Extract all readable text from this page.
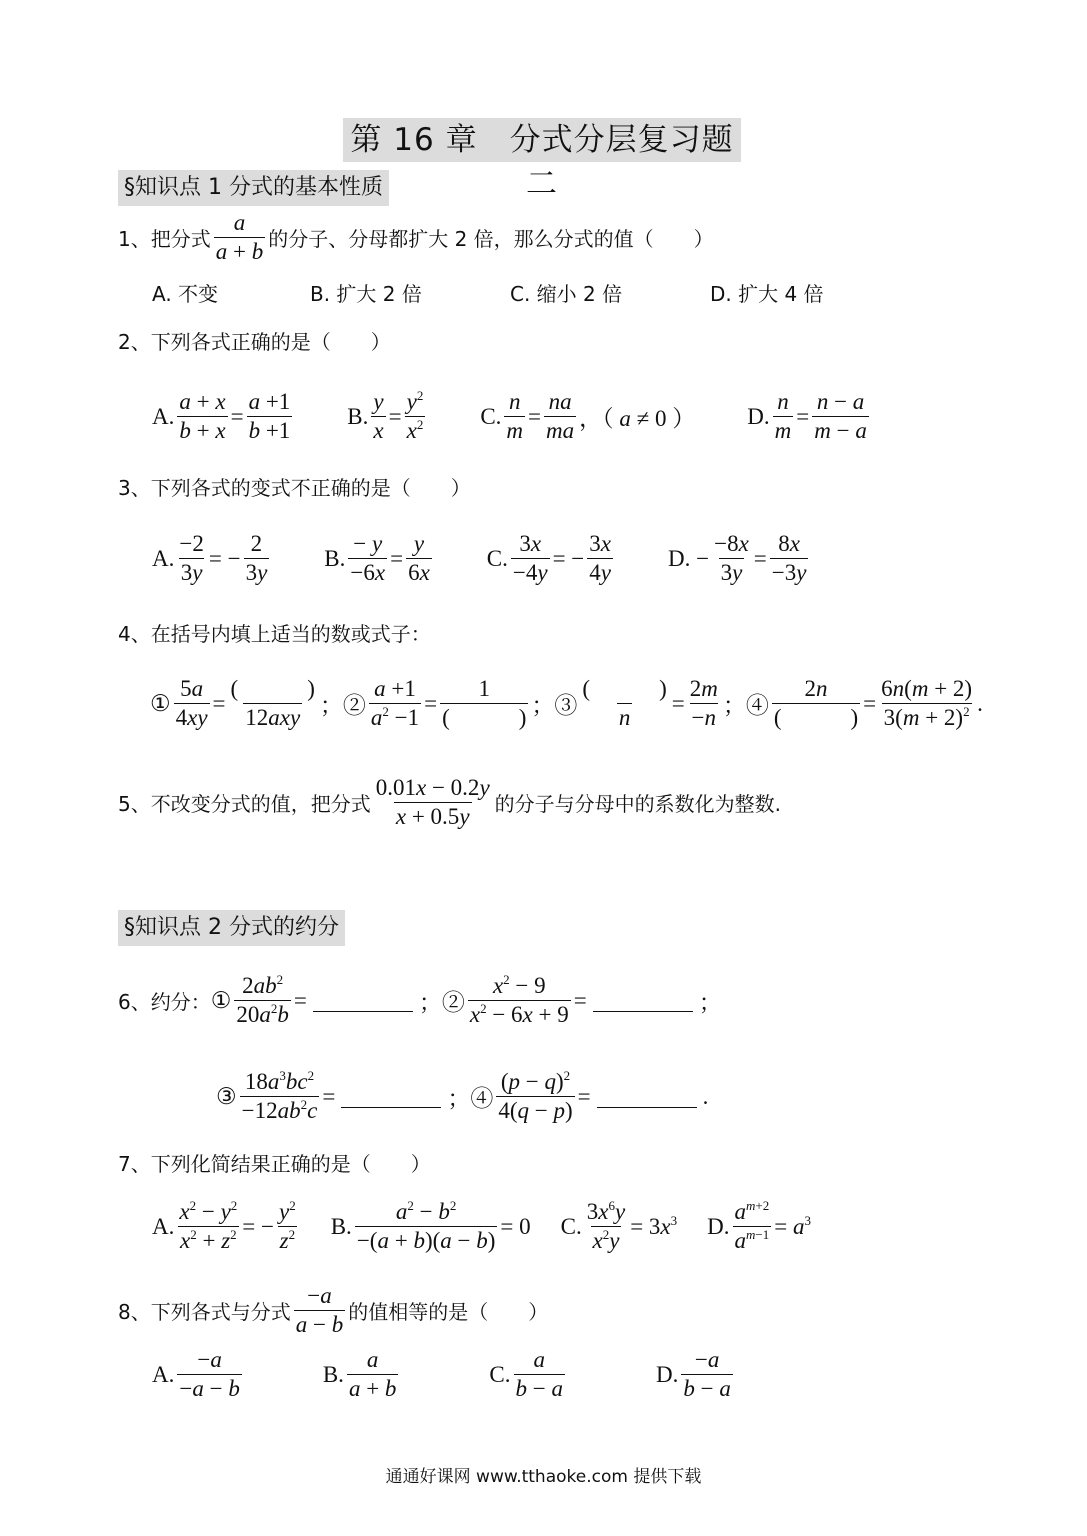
第 16 章　分式分层复习题二
§知识点 1 分式的基本性质
1、把分式 $\frac{a}{a + b}$ 的分子、分母都扩大 2 倍，那么分式的值（　　）
A. 不变	B. 扩大 2 倍	C. 缩小 2 倍	D. 扩大 4 倍
2、下列各式正确的是（　　）
A. $\frac{a + x}{b + x} = \frac{a +1}{b +1} B$. $\frac{y}{x} = \frac{y^2}{x^2} C$. $\frac{n}{m} = \frac{na}{ma}$ ，（ a ≠ 0 ） D. $\frac{n}{m} = \frac{n - a}{m - a}$
3、下列各式的变式不正确的是（　　）
A. $\frac{-2}{3y}$ = − $\frac{2}{3y} B$. $\frac{- y}{-6x} = \frac{y}{6x} C$. $\frac{3x}{-4y}$ = − $\frac{3x}{4y} D$. − $\frac{-8x}{3y} = \frac{8x}{-3y}$
4、在括号内填上适当的数或式子：
① $\frac{5a}{4xy} = \frac{( )}{\text{12axy}}$ ；② $\frac{a +1}{a^2 -1} = \frac{1}{( )}$ ；③ $\frac{( )}{n} = \frac{2m}{-n}$ ；④ $\frac{2n}{( )} = \frac{6n(m + 2)}{3(m + 2)^2}$ .
5、不改变分式的值，把分式 $\frac{0.01x - 0.2y}{x + 0.5y}$ 的分子与分母中的系数化为整数.
§知识点 2 分式的约分
6、约分： ① $\frac{2ab^2}{20a^2b}$ =	；② $\frac{x^2 - 9}{x^2 - 6x + 9}$ =	；
③ $\frac{18a^3bc^2}{-12ab^2c}$ =	；④ $\frac{(p - q)^2}{4(q - p)}$ =	.
7、下列化简结果正确的是（　　）
A. $\frac{x^2 - y^2}{x^2 + z^2}$ = − $\frac{y^2}{z^2} B$. $\frac{a^2 - b^2}{-(a + b)(a - b)} = 0$ C. $\frac{3x^6y}{x^2y} = 3x^3$ D. $\frac{a^{m+2}}{a^{m-1}} = a^3$
8、下列各式与分式 $\frac{-a}{a - b}$ 的值相等的是（　　）
A. $\frac{-a}{-a - b}$	B. $\frac{a}{a + b}$	C. $\frac{a}{b - a}$	D. $\frac{-a}{b - a}$
通通好课网 www.tthaoke.com 提供下载
